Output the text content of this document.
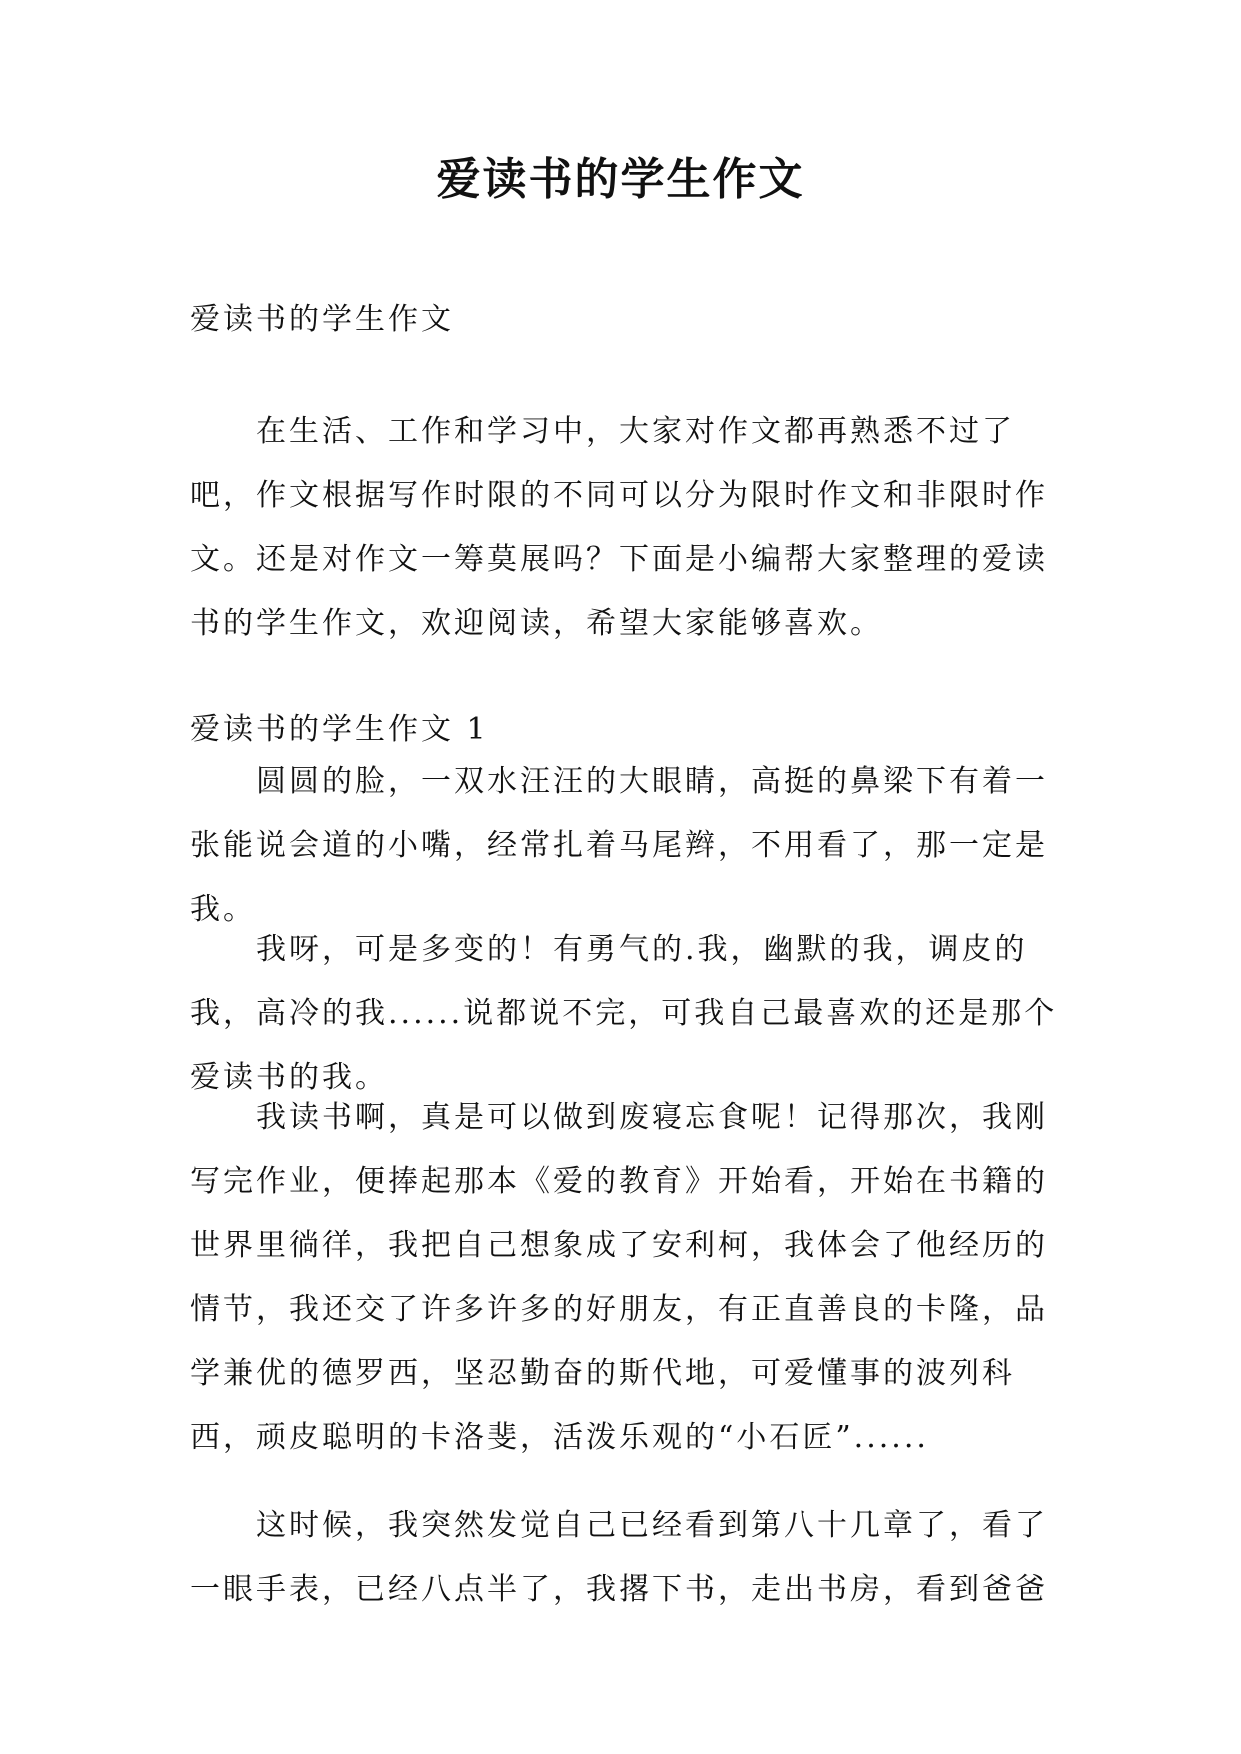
爱读书的学生作文

爱读书的学生作文

在生活、工作和学习中，大家对作文都再熟悉不过了吧，作文根据写作时限的不同可以分为限时作文和非限时作文。还是对作文一筹莫展吗？下面是小编帮大家整理的爱读书的学生作文，欢迎阅读，希望大家能够喜欢。

爱读书的学生作文 1

圆圆的脸，一双水汪汪的大眼睛，高挺的鼻梁下有着一张能说会道的小嘴，经常扎着马尾辫，不用看了，那一定是我。

我呀，可是多变的！有勇气的.我，幽默的我，调皮的我，高冷的我......说都说不完，可我自己最喜欢的还是那个爱读书的我。

我读书啊，真是可以做到废寝忘食呢！记得那次，我刚写完作业，便捧起那本《爱的教育》开始看，开始在书籍的世界里徜徉，我把自己想象成了安利柯，我体会了他经历的情节，我还交了许多许多的好朋友，有正直善良的卡隆，品学兼优的德罗西，坚忍勤奋的斯代地，可爱懂事的波列科西，顽皮聪明的卡洛斐，活泼乐观的“小石匠”......

这时候，我突然发觉自己已经看到第八十几章了，看了一眼手表，已经八点半了，我撂下书，走出书房，看到爸爸
